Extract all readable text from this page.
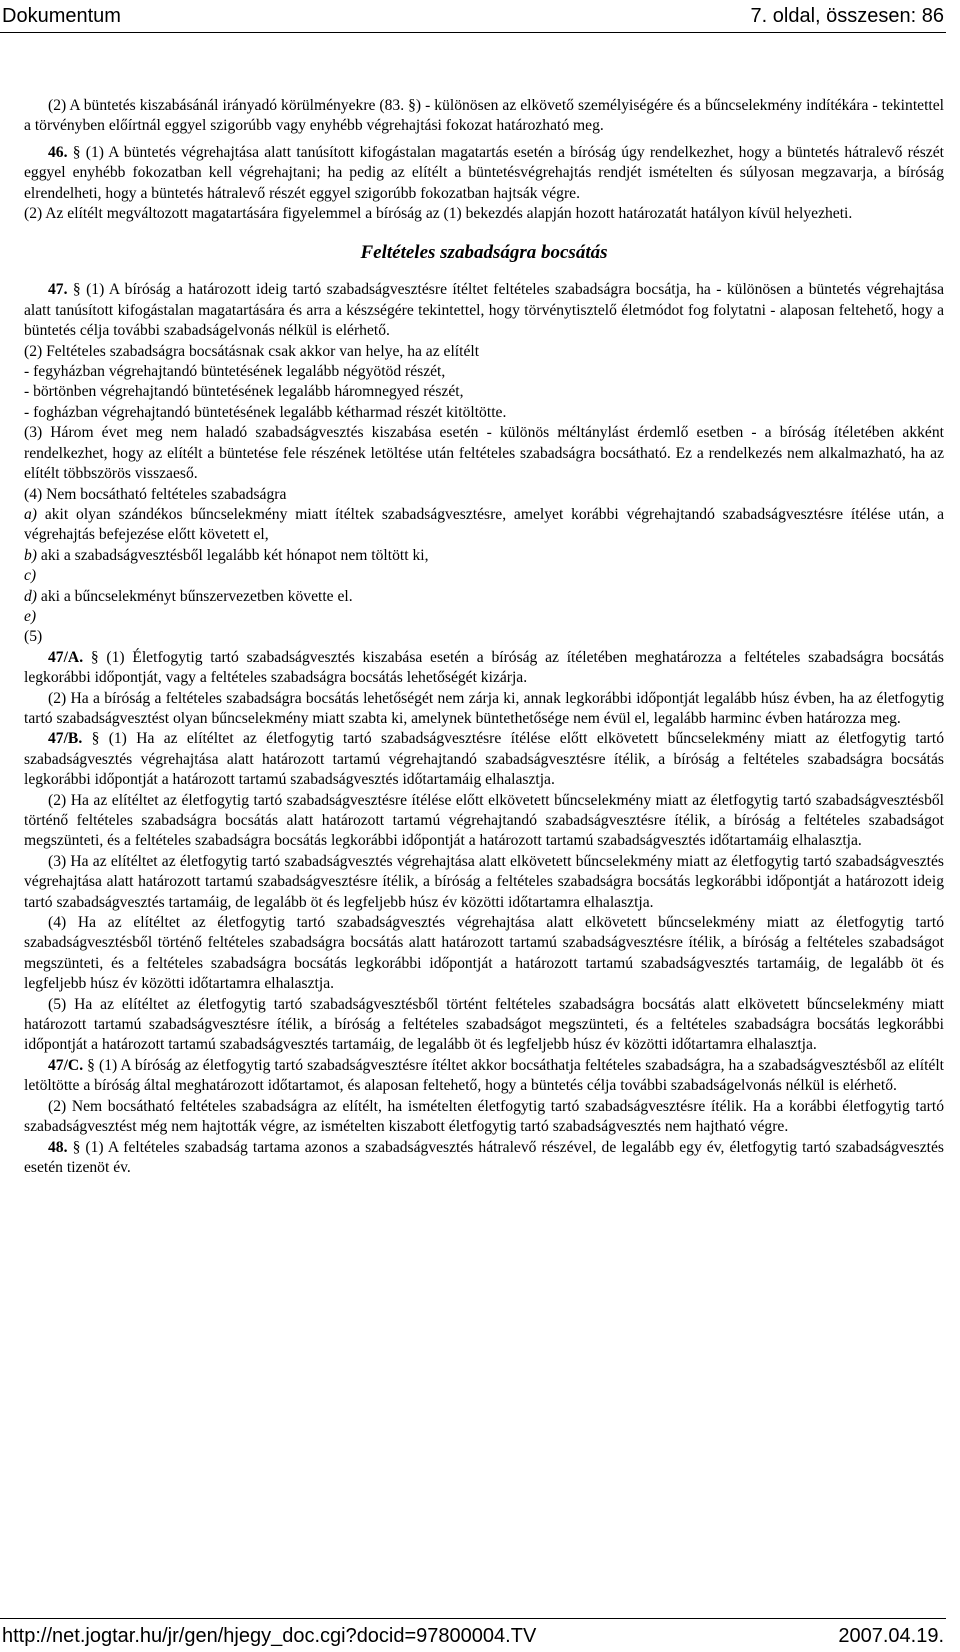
Dokumentum	7. oldal, összesen: 86

(2) A büntetés kiszabásánál irányadó körülményekre (83. §) - különösen az elkövető személyiségére és a bűncselekmény indítékára - tekintettel a törvényben előírtnál eggyel szigorúbb vagy enyhébb végrehajtási fokozat határozható meg.

46. § (1) A büntetés végrehajtása alatt tanúsított kifogástalan magatartás esetén a bíróság úgy rendelkezhet, hogy a büntetés hátralevő részét eggyel enyhébb fokozatban kell végrehajtani; ha pedig az elítélt a büntetésvégrehajtás rendjét ismételten és súlyosan megzavarja, a bíróság elrendelheti, hogy a büntetés hátralevő részét eggyel szigorúbb fokozatban hajtsák végre.

(2) Az elítélt megváltozott magatartására figyelemmel a bíróság az (1) bekezdés alapján hozott határozatát hatályon kívül helyezheti.

Feltételes szabadságra bocsátás

47. § (1) A bíróság a határozott ideig tartó szabadságvesztésre ítéltet feltételes szabadságra bocsátja, ha - különösen a büntetés végrehajtása alatt tanúsított kifogástalan magatartására és arra a készségére tekintettel, hogy törvénytisztelő életmódot fog folytatni - alaposan feltehető, hogy a büntetés célja további szabadságelvonás nélkül is elérhető.

(2) Feltételes szabadságra bocsátásnak csak akkor van helye, ha az elítélt

- fegyházban végrehajtandó büntetésének legalább négyötöd részét,

- börtönben végrehajtandó büntetésének legalább háromnegyed részét,

- fogházban végrehajtandó büntetésének legalább kétharmad részét kitöltötte.

(3) Három évet meg nem haladó szabadságvesztés kiszabása esetén - különös méltánylást érdemlő esetben - a bíróság ítéletében akként rendelkezhet, hogy az elítélt a büntetése fele részének letöltése után feltételes szabadságra bocsátható. Ez a rendelkezés nem alkalmazható, ha az elítélt többszörös visszaeső.

(4) Nem bocsátható feltételes szabadságra

a) akit olyan szándékos bűncselekmény miatt ítéltek szabadságvesztésre, amelyet korábbi végrehajtandó szabadságvesztésre ítélése után, a végrehajtás befejezése előtt követett el,

b) aki a szabadságvesztésből legalább két hónapot nem töltött ki,

c)

d) aki a bűncselekményt bűnszervezetben követte el.

e)

(5)

47/A. § (1) Életfogytig tartó szabadságvesztés kiszabása esetén a bíróság az ítéletében meghatározza a feltételes szabadságra bocsátás legkorábbi időpontját, vagy a feltételes szabadságra bocsátás lehetőségét kizárja.

(2) Ha a bíróság a feltételes szabadságra bocsátás lehetőségét nem zárja ki, annak legkorábbi időpontját legalább húsz évben, ha az életfogytig tartó szabadságvesztést olyan bűncselekmény miatt szabta ki, amelynek büntethetősége nem évül el, legalább harminc évben határozza meg.

47/B. § (1) Ha az elítéltet az életfogytig tartó szabadságvesztésre ítélése előtt elkövetett bűncselekmény miatt az életfogytig tartó szabadságvesztés végrehajtása alatt határozott tartamú végrehajtandó szabadságvesztésre ítélik, a bíróság a feltételes szabadságra bocsátás legkorábbi időpontját a határozott tartamú szabadságvesztés időtartamáig elhalasztja.

(2) Ha az elítéltet az életfogytig tartó szabadságvesztésre ítélése előtt elkövetett bűncselekmény miatt az életfogytig tartó szabadságvesztésből történő feltételes szabadságra bocsátás alatt határozott tartamú végrehajtandó szabadságvesztésre ítélik, a bíróság a feltételes szabadságot megszünteti, és a feltételes szabadságra bocsátás legkorábbi időpontját a határozott tartamú szabadságvesztés időtartamáig elhalasztja.

(3) Ha az elítéltet az életfogytig tartó szabadságvesztés végrehajtása alatt elkövetett bűncselekmény miatt az életfogytig tartó szabadságvesztés végrehajtása alatt határozott tartamú szabadságvesztésre ítélik, a bíróság a feltételes szabadságra bocsátás legkorábbi időpontját a határozott ideig tartó szabadságvesztés tartamáig, de legalább öt és legfeljebb húsz év közötti időtartamra elhalasztja.

(4) Ha az elítéltet az életfogytig tartó szabadságvesztés végrehajtása alatt elkövetett bűncselekmény miatt az életfogytig tartó szabadságvesztésből történő feltételes szabadságra bocsátás alatt határozott tartamú szabadságvesztésre ítélik, a bíróság a feltételes szabadságot megszünteti, és a feltételes szabadságra bocsátás legkorábbi időpontját a határozott tartamú szabadságvesztés tartamáig, de legalább öt és legfeljebb húsz év közötti időtartamra elhalasztja.

(5) Ha az elítéltet az életfogytig tartó szabadságvesztésből történt feltételes szabadságra bocsátás alatt elkövetett bűncselekmény miatt határozott tartamú szabadságvesztésre ítélik, a bíróság a feltételes szabadságot megszünteti, és a feltételes szabadságra bocsátás legkorábbi időpontját a határozott tartamú szabadságvesztés tartamáig, de legalább öt és legfeljebb húsz év közötti időtartamra elhalasztja.

47/C. § (1) A bíróság az életfogytig tartó szabadságvesztésre ítéltet akkor bocsáthatja feltételes szabadságra, ha a szabadságvesztésből az elítélt letöltötte a bíróság által meghatározott időtartamot, és alaposan feltehető, hogy a büntetés célja további szabadságelvonás nélkül is elérhető.

(2) Nem bocsátható feltételes szabadságra az elítélt, ha ismételten életfogytig tartó szabadságvesztésre ítélik. Ha a korábbi életfogytig tartó szabadságvesztést még nem hajtották végre, az ismételten kiszabott életfogytig tartó szabadságvesztés nem hajtható végre.

48. § (1) A feltételes szabadság tartama azonos a szabadságvesztés hátralevő részével, de legalább egy év, életfogytig tartó szabadságvesztés esetén tizenöt év.

http://net.jogtar.hu/jr/gen/hjegy_doc.cgi?docid=97800004.TV	2007.04.19.
